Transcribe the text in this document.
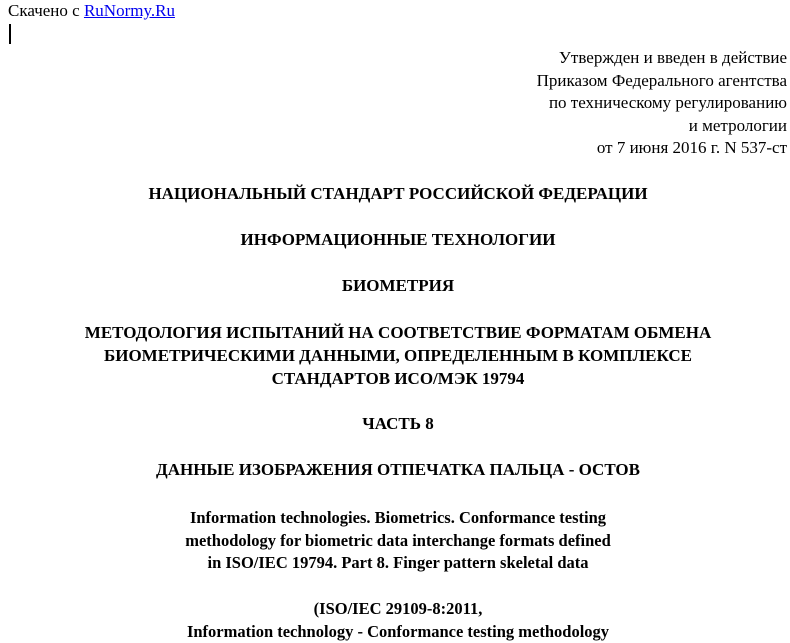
Скачено с RuNormy.Ru
Утвержден и введен в действие
Приказом Федерального агентства
по техническому регулированию
и метрологии
от 7 июня 2016 г. N 537-ст
НАЦИОНАЛЬНЫЙ СТАНДАРТ РОССИЙСКОЙ ФЕДЕРАЦИИ
ИНФОРМАЦИОННЫЕ ТЕХНОЛОГИИ
БИОМЕТРИЯ
МЕТОДОЛОГИЯ ИСПЫТАНИЙ НА СООТВЕТСТВИЕ ФОРМАТАМ ОБМЕНА
БИОМЕТРИЧЕСКИМИ ДАННЫМИ, ОПРЕДЕЛЕННЫМ В КОМПЛЕКСЕ
СТАНДАРТОВ ИСО/МЭК 19794
ЧАСТЬ 8
ДАННЫЕ ИЗОБРАЖЕНИЯ ОТПЕЧАТКА ПАЛЬЦА - ОСТОВ
Information technologies. Biometrics. Conformance testing
methodology for biometric data interchange formats defined
in ISO/IEC 19794. Part 8. Finger pattern skeletal data
(ISO/IEC 29109-8:2011,
Information technology - Conformance testing methodology
